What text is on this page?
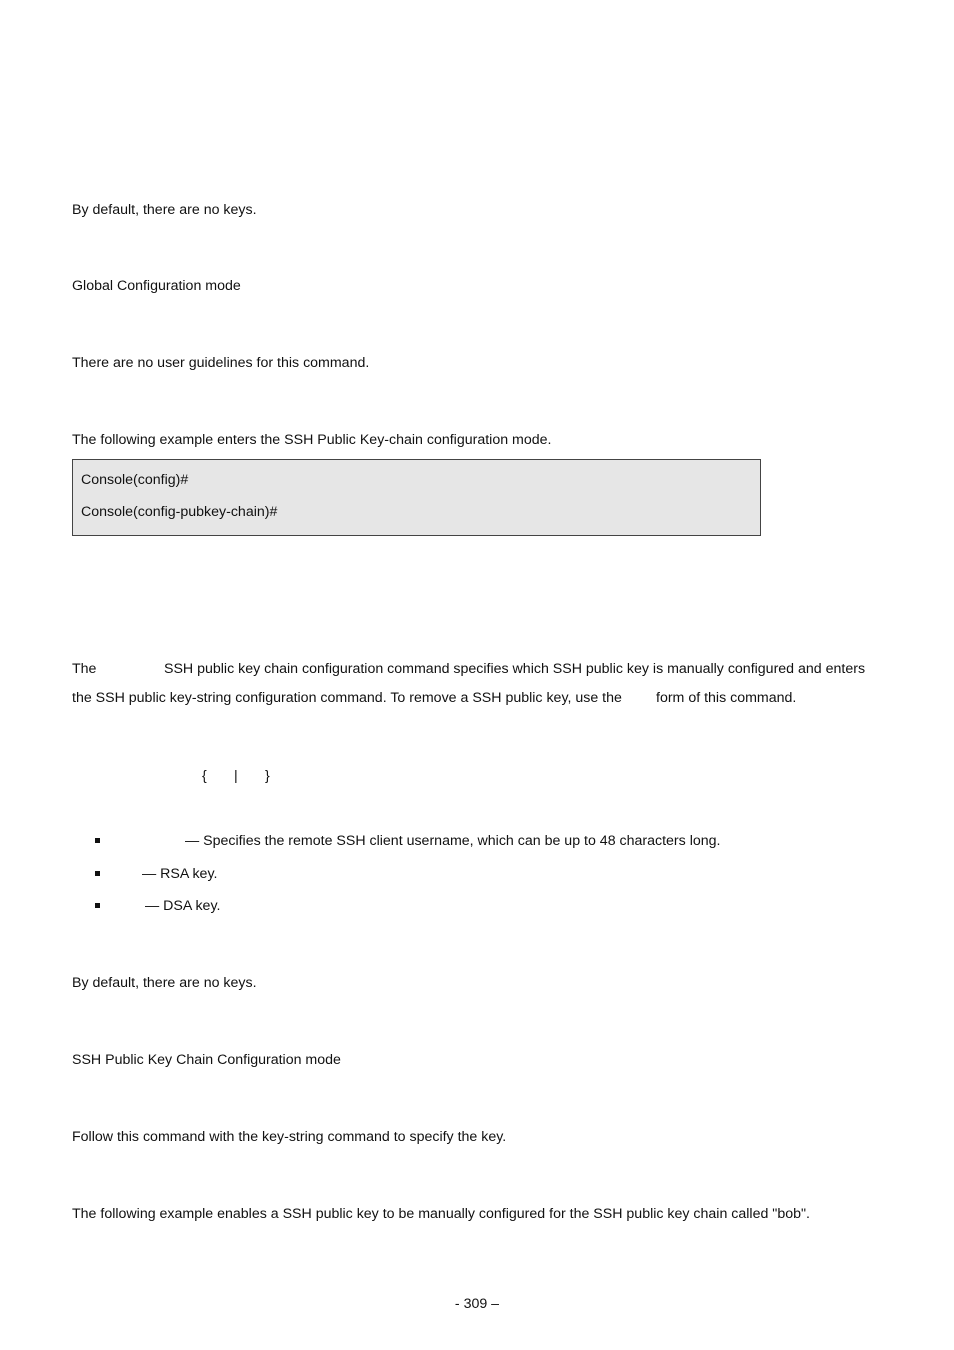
By default, there are no keys.
Global Configuration mode
There are no user guidelines for this command.
The following example enters the SSH Public Key-chain configuration mode.
Console(config)#
Console(config-pubkey-chain)#
The	SSH public key chain configuration command specifies which SSH public key is manually configured and enters
the SSH public key-string configuration command. To remove a SSH public key, use the form of this command.
{ | }
— Specifies the remote SSH client username, which can be up to 48 characters long.
— RSA key.
— DSA key.
By default, there are no keys.
SSH Public Key Chain Configuration mode
Follow this command with the key-string command to specify the key.
The following example enables a SSH public key to be manually configured for the SSH public key chain called "bob".
- 309 –
